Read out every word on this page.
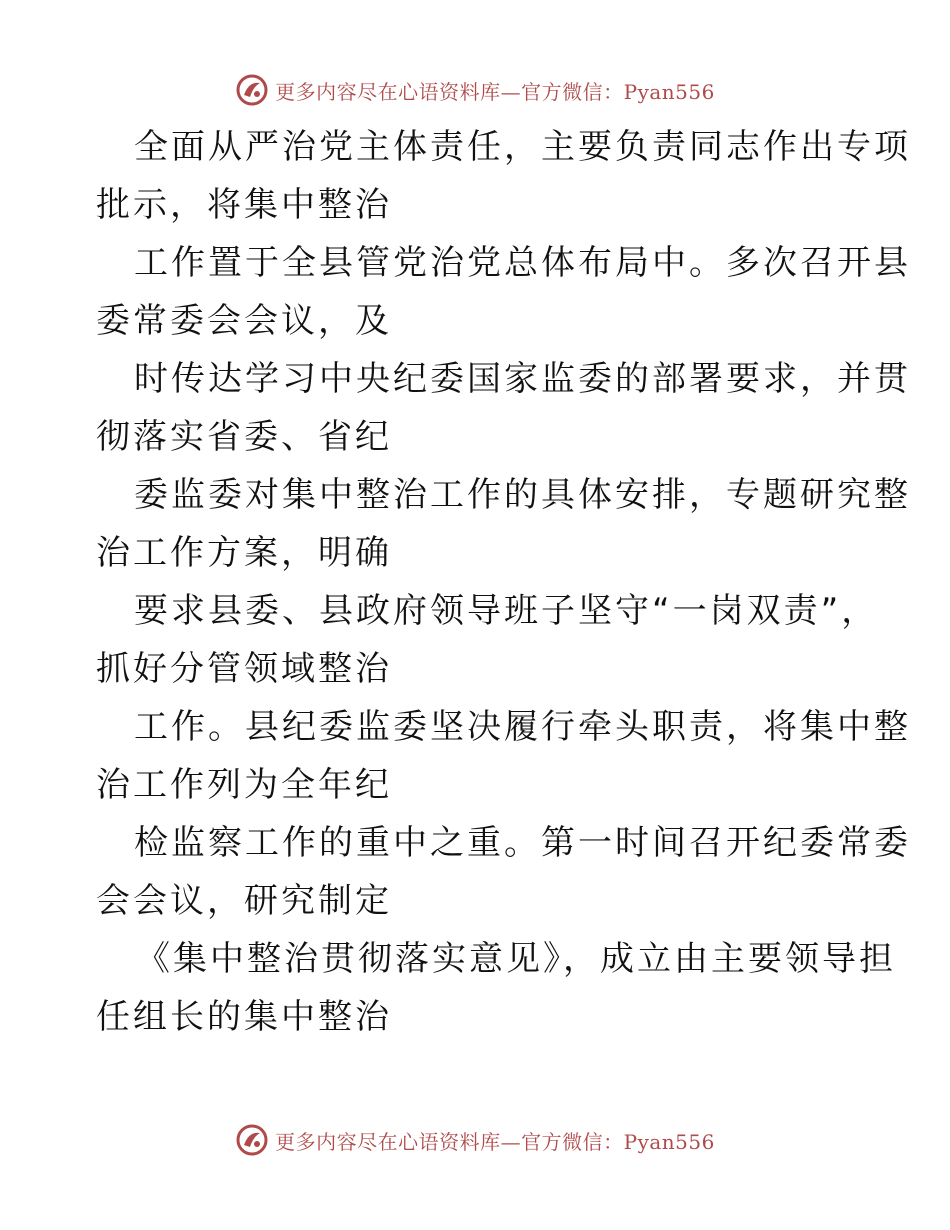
更多内容尽在心语资料库—官方微信：Pyan556

全面从严治党主体责任，主要负责同志作出专项
批示，将集中整治

工作置于全县管党治党总体布局中。多次召开县
委常委会会议，及

时传达学习中央纪委国家监委的部署要求，并贯
彻落实省委、省纪

委监委对集中整治工作的具体安排，专题研究整
治工作方案，明确

要求县委、县政府领导班子坚守“一岗双责”，
抓好分管领域整治

工作。县纪委监委坚决履行牵头职责，将集中整
治工作列为全年纪

检监察工作的重中之重。第一时间召开纪委常委
会会议，研究制定

《集中整治贯彻落实意见》，成立由主要领导担
任组长的集中整治

更多内容尽在心语资料库—官方微信：Pyan556
